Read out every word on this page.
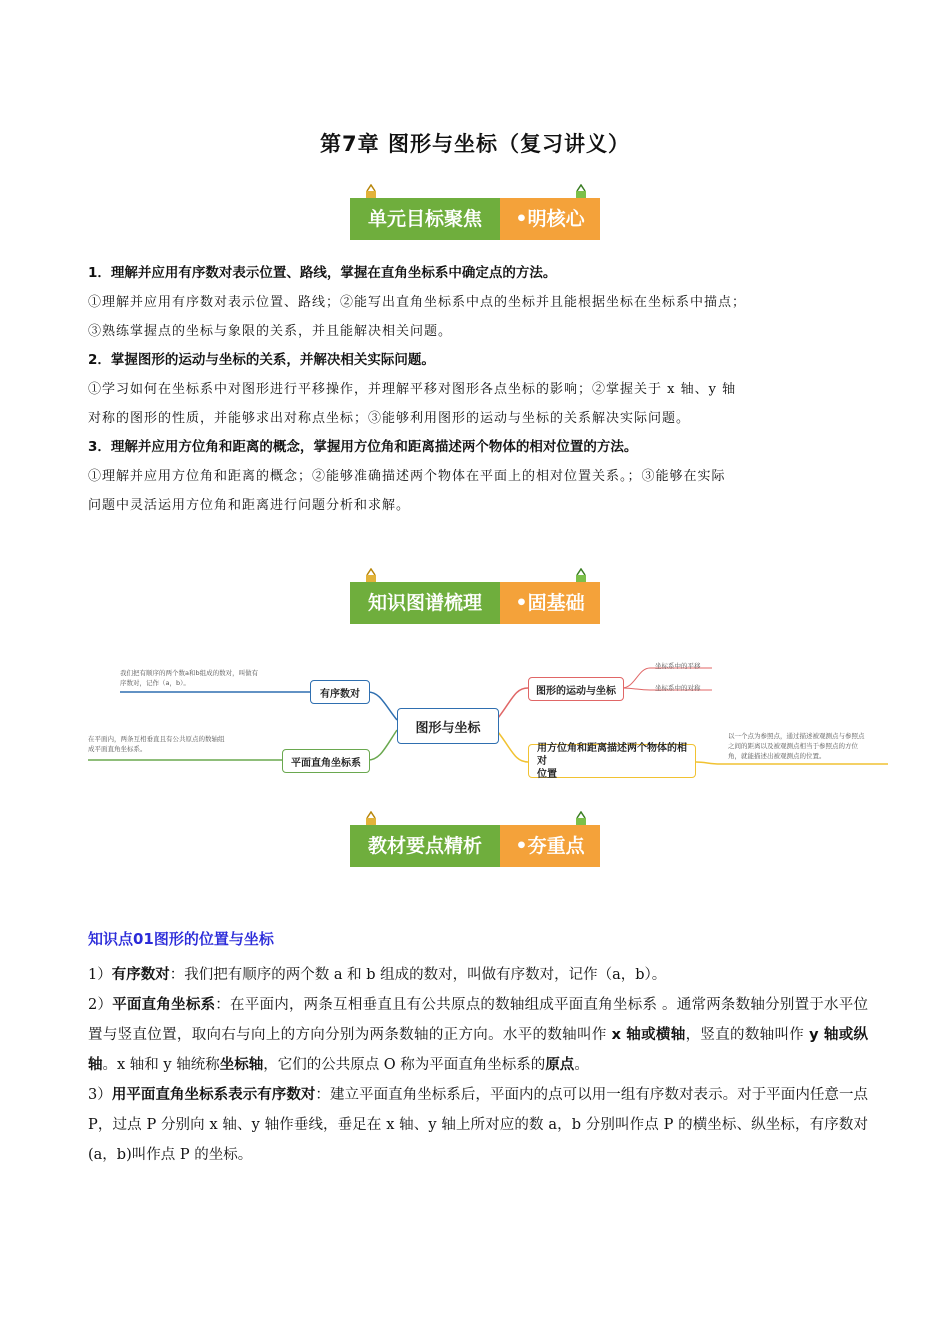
第7章 图形与坐标（复习讲义）
单元目标聚焦	•明核心
1．理解并应用有序数对表示位置、路线，掌握在直角坐标系中确定点的方法。
①理解并应用有序数对表示位置、路线；②能写出直角坐标系中点的坐标并且能根据坐标在坐标系中描点；
③熟练掌握点的坐标与象限的关系，并且能解决相关问题。
2．掌握图形的运动与坐标的关系，并解决相关实际问题。
①学习如何在坐标系中对图形进行平移操作，并理解平移对图形各点坐标的影响；②掌握关于 x 轴、y 轴
对称的图形的性质，并能够求出对称点坐标；③能够利用图形的运动与坐标的关系解决实际问题。
3．理解并应用方位角和距离的概念，掌握用方位角和距离描述两个物体的相对位置的方法。
①理解并应用方位角和距离的概念；②能够准确描述两个物体在平面上的相对位置关系。；③能够在实际
问题中灵活运用方位角和距离进行问题分析和求解。
知识图谱梳理	•固基础
图形与坐标
有序数对
我们把有顺序的两个数a和b组成的数对，叫做有
序数对，记作（a，b）。
平面直角坐标系
在平面内，两条互相垂直且有公共原点的数轴组
成平面直角坐标系。
图形的运动与坐标
坐标系中的平移
坐标系中的对称
用方位角和距离描述两个物体的相对
位置
以一个点为参照点，通过描述被观测点与参照点
之间的距离以及被观测点相当于参照点的方位
角，就能描述出被观测点的位置。
教材要点精析	•夯重点
知识点01图形的位置与坐标
1）有序数对：我们把有顺序的两个数 a 和 b 组成的数对，叫做有序数对，记作（a，b）。
2）平面直角坐标系：在平面内，两条互相垂直且有公共原点的数轴组成平面直角坐标系 。通常两条数轴分别置于水平位置与竖直位置，取向右与向上的方向分别为两条数轴的正方向。水平的数轴叫作 x 轴或横轴，竖直的数轴叫作 y 轴或纵轴。x 轴和 y 轴统称坐标轴，它们的公共原点 O 称为平面直角坐标系的原点。
3）用平面直角坐标系表示有序数对：建立平面直角坐标系后，平面内的点可以用一组有序数对表示。对于平面内任意一点 P，过点 P 分别向 x 轴、y 轴作垂线，垂足在 x 轴、y 轴上所对应的数 a，b 分别叫作点 P 的横坐标、纵坐标，有序数对(a，b)叫作点 P 的坐标。
